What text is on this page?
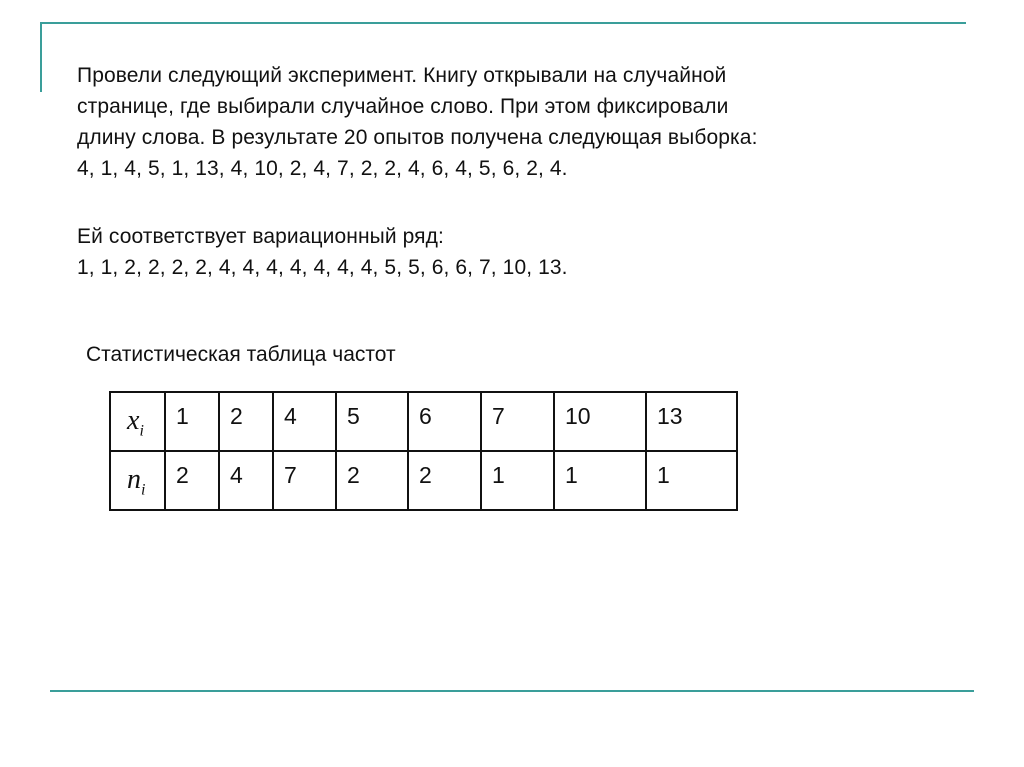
Провели следующий эксперимент. Книгу открывали на случайной

странице, где выбирали случайное слово. При этом фиксировали

длину слова. В результате 20 опытов получена следующая выборка:

4, 1, 4, 5, 1, 13, 4, 10, 2, 4, 7, 2, 2, 4, 6, 4, 5, 6, 2, 4.

Ей соответствует вариационный ряд:

1, 1, 2, 2, 2, 2, 4, 4, 4, 4, 4, 4, 4, 5, 5, 6, 6, 7, 10, 13.

Статистическая таблица частот
$x_i$	1	2	4	5	6	7	10	13
$n_i$	2	4	7	2	2	1	1	1
